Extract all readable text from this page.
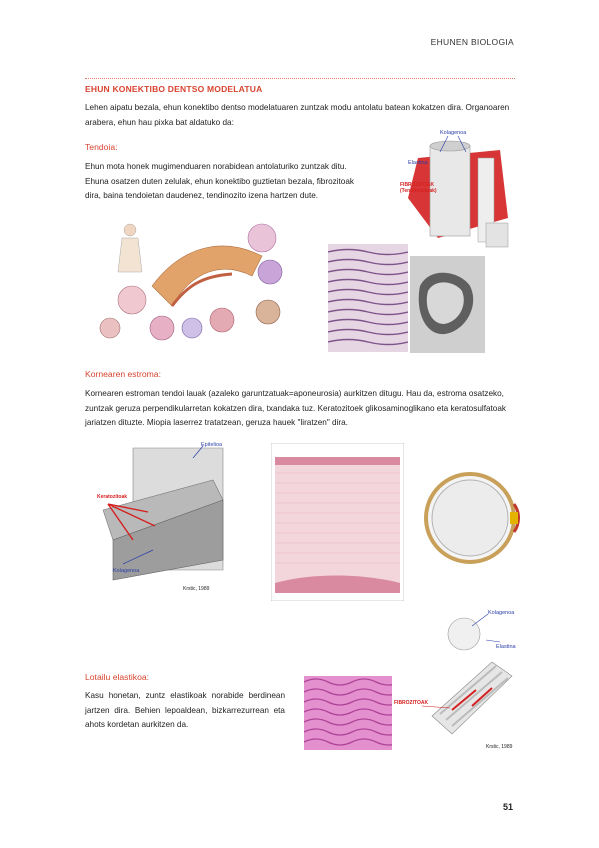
EHUNEN BIOLOGIA
EHUN KONEKTIBO DENTSO MODELATUA

Lehen aipatu bezala, ehun konektibo dentso modelatuaren zuntzak modu antolatu batean kokatzen dira. Organoaren arabera, ehun hau pixka bat aldatuko da:

Tendoia:

Ehun mota honek mugimenduaren norabidean antolaturiko zuntzak ditu. Ehuna osatzen duten zelulak, ehun konektibo guztietan bezala, fibrozitoak dira, baina tendoietan daudenez, tendinozito izena hartzen dute.

Kolagenoa
Elastina
FIBROZITOAK
(Tendinozitoak)
Kornearen estroma:

Kornearen estroman tendoi lauak (azaleko garuntzatuak=aponeurosia) aurkitzen ditugu. Hau da, estroma osatzeko, zuntzak geruza perpendikularretan kokatzen dira, txandaka tuz. Keratozitoek glikosaminoglikano eta keratosulfatoak jariatzen dituzte. Miopia laserrez tratatzean, geruza hauek "liratzen" dira.

Epitelioa
Keratozitoak
Kolagenoa
Krstic, 1989
Lotailu elastikoa:

Kasu honetan, zuntz elastikoak norabide berdinean jartzen dira. Behien lepoaldean, bizkarrezurrean eta ahots kordetan aurkitzen da.

Kolagenoa
Elastina
FIBROZITOAK
Krstic, 1989
51
